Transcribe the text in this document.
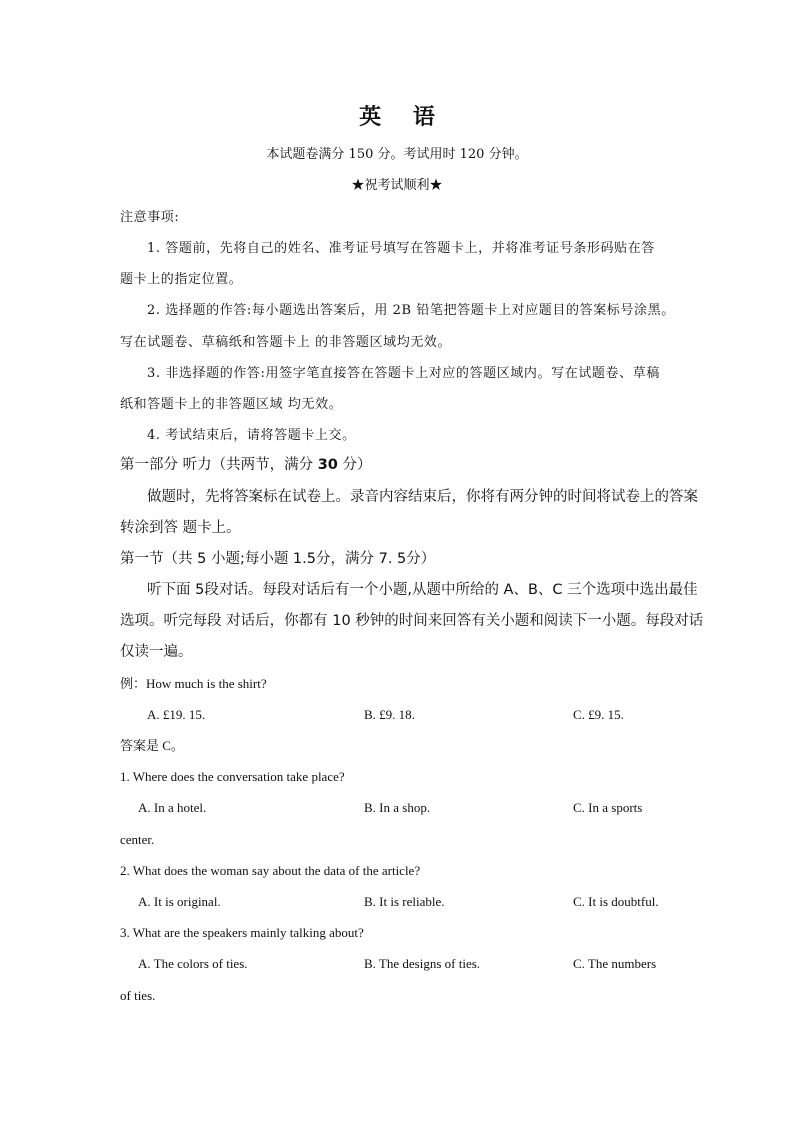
英 语
本试题卷满分 150 分。考试用时 120 分钟。
★祝考试顺利★
注意事项:
1. 答题前，先将自己的姓名、准考证号填写在答题卡上，并将准考证号条形码贴在答
题卡上的指定位置。
2. 选择题的作答:每小题选出答案后，用 2B 铅笔把答题卡上对应题目的答案标号涂黑。
写在试题卷、草稿纸和答题卡上 的非答题区域均无效。
3. 非选择题的作答:用签字笔直接答在答题卡上对应的答题区域内。写在试题卷、草稿
纸和答题卡上的非答题区域 均无效。
4. 考试结束后，请将答题卡上交。
第一部分 听力（共两节，满分 30 分）
做题时，先将答案标在试卷上。录音内容结束后，你将有两分钟的时间将试卷上的答案
转涂到答 题卡上。
第一节（共 5 小题;每小题 1.5分，满分 7. 5分）
听下面 5段对话。每段对话后有一个小题,从题中所给的 A、B、C 三个选项中选出最佳
选项。听完每段 对话后，你都有 10 秒钟的时间来回答有关小题和阅读下一小题。每段对话
仅读一遍。
例：How much is the shirt?
A. £19. 15.	B. £9. 18.	C. £9. 15.
答案是 C。
1. Where does the conversation take place?
A. In a hotel.	B. In a shop.	C. In a sports
center.
2. What does the woman say about the data of the article?
A. It is original.	B. It is reliable.	C. It is doubtful.
3. What are the speakers mainly talking about?
A. The colors of ties.	B. The designs of ties.	C. The numbers
of ties.
